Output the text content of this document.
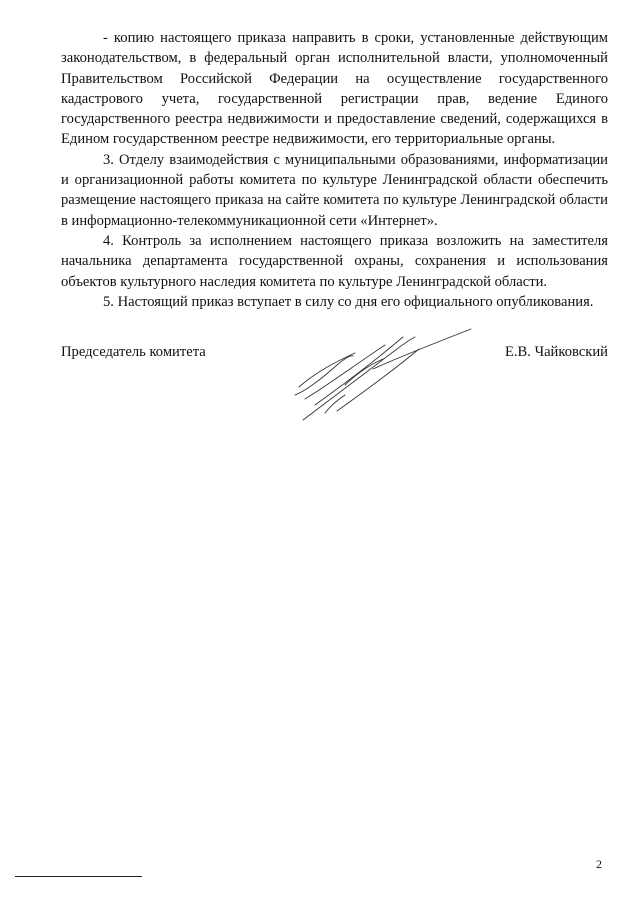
- копию настоящего приказа направить в сроки, установленные действующим законодательством, в федеральный орган исполнительной власти, уполномоченный Правительством Российской Федерации на осуществление государственного кадастрового учета, государственной регистрации прав, ведение Единого государственного реестра недвижимости и предоставление сведений, содержащихся в Едином государственном реестре недвижимости, его территориальные органы.

3. Отделу взаимодействия с муниципальными образованиями, информатизации и организационной работы комитета по культуре Ленинградской области обеспечить размещение настоящего приказа на сайте комитета по культуре Ленинградской области в информационно-телекоммуникационной сети «Интернет».

4. Контроль за исполнением настоящего приказа возложить на заместителя начальника департамента государственной охраны, сохранения и использования объектов культурного наследия комитета по культуре Ленинградской области.

5. Настоящий приказ вступает в силу со дня его официального опубликования.

Председатель комитета	Е.В. Чайковский
2
